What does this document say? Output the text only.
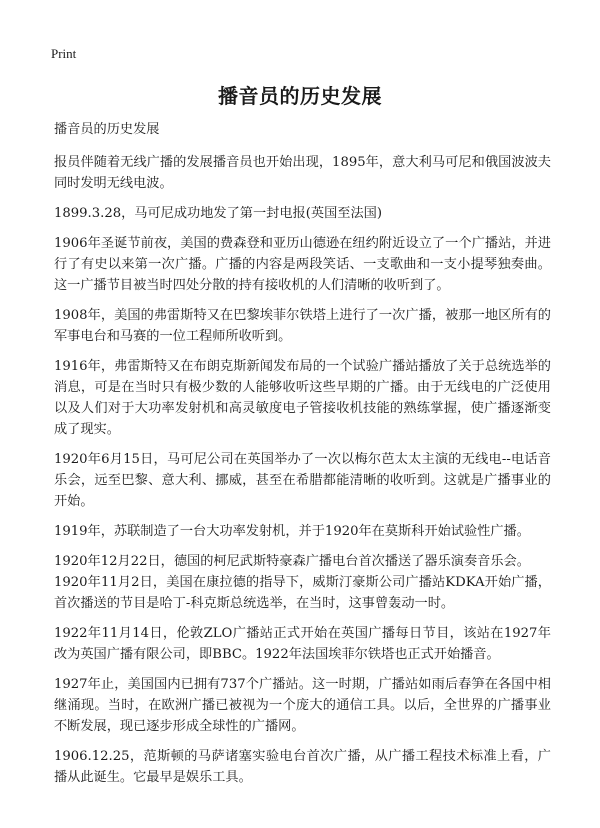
Print
播音员的历史发展

播音员的历史发展

报员伴随着无线广播的发展播音员也开始出现，1895年，意大利马可尼和俄国波波夫同时发明无线电波。

1899.3.28，马可尼成功地发了第一封电报(英国至法国)

1906年圣诞节前夜，美国的费森登和亚历山德逊在纽约附近设立了一个广播站，并进行了有史以来第一次广播。广播的内容是两段笑话、一支歌曲和一支小提琴独奏曲。这一广播节目被当时四处分散的持有接收机的人们清晰的收听到了。

1908年，美国的弗雷斯特又在巴黎埃菲尔铁塔上进行了一次广播，被那一地区所有的军事电台和马赛的一位工程师所收听到。

1916年，弗雷斯特又在布朗克斯新闻发布局的一个试验广播站播放了关于总统选举的消息，可是在当时只有极少数的人能够收听这些早期的广播。由于无线电的广泛使用以及人们对于大功率发射机和高灵敏度电子管接收机技能的熟练掌握，使广播逐渐变成了现实。

1920年6月15日，马可尼公司在英国举办了一次以梅尔芭太太主演的无线电--电话音乐会，远至巴黎、意大利、挪威，甚至在希腊都能清晰的收听到。这就是广播事业的开始。

1919年，苏联制造了一台大功率发射机，并于1920年在莫斯科开始试验性广播。

1920年12月22日，德国的柯尼武斯特豪森广播电台首次播送了器乐演奏音乐会。

1920年11月2日，美国在康拉德的指导下，威斯汀豪斯公司广播站KDKA开始广播，首次播送的节目是哈丁-科克斯总统选举，在当时，这事曾轰动一时。

1922年11月14日，伦敦ZLO广播站正式开始在英国广播每日节目，该站在1927年改为英国广播有限公司，即BBC。1922年法国埃菲尔铁塔也正式开始播音。

1927年止，美国国内已拥有737个广播站。这一时期，广播站如雨后春笋在各国中相继涌现。当时，在欧洲广播已被视为一个庞大的通信工具。以后，全世界的广播事业不断发展，现已逐步形成全球性的广播网。

1906.12.25，范斯顿的马萨诸塞实验电台首次广播，从广播工程技术标准上看，广播从此诞生。它最早是娱乐工具。
